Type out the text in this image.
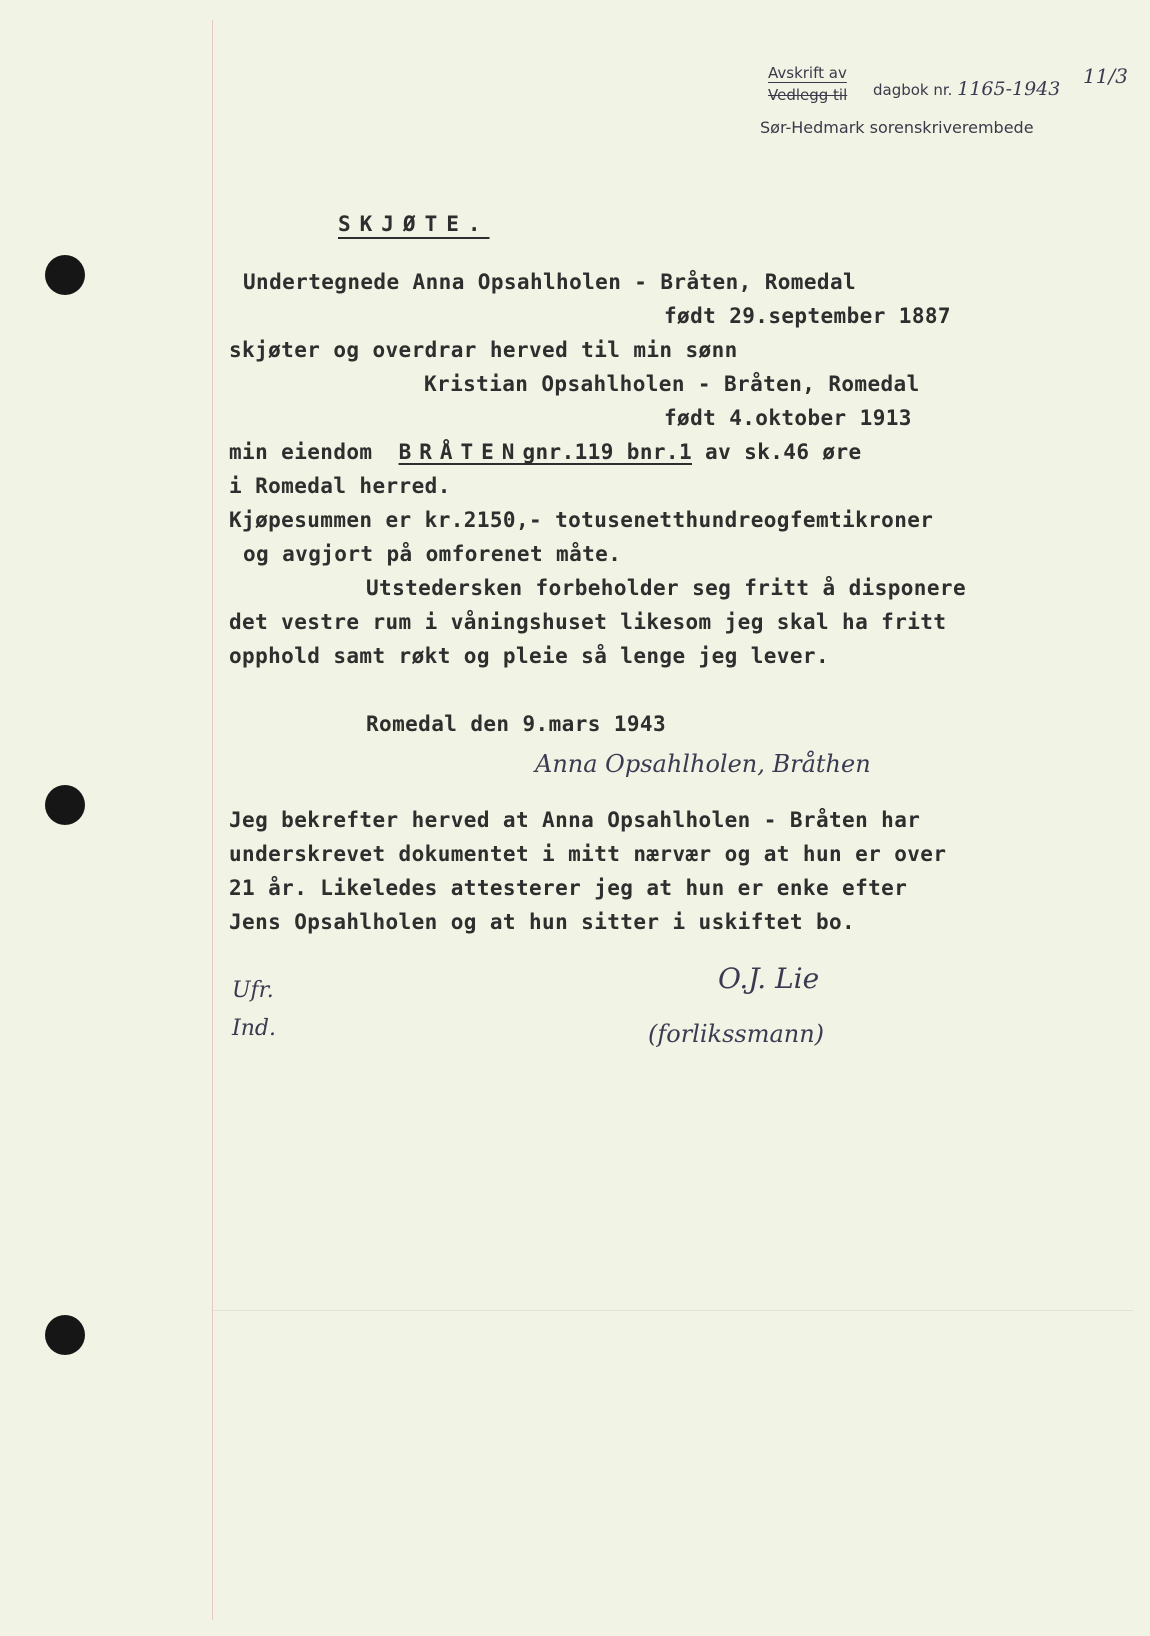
Avskrift av
Vedlegg til dagbok nr. 1165-1943
11/3
Sør-Hedmark sorenskriverembede
SKJØTE.
Undertegnede Anna Opsahlholen - Bråten, Romedal
født 29.september 1887
skjøter og overdrar herved til min sønn
Kristian Opsahlholen - Bråten, Romedal
født 4.oktober 1913
min eiendom BRÅTENgnr.119 bnr.1 av sk.46 øre
i Romedal herred.
Kjøpesummen er kr.2150,- totusenetthundreogfemtikroner
og avgjort på omforenet måte.
Utstedersken forbeholder seg fritt å disponere
det vestre rum i våningshuset likesom jeg skal ha fritt
opphold samt røkt og pleie så lenge jeg lever.
Romedal den 9.mars 1943
Anna Opsahlholen, Bråthen
Jeg bekrefter herved at Anna Opsahlholen - Bråten har
underskrevet dokumentet i mitt nærvær og at hun er over
21 år. Likeledes attesterer jeg at hun er enke efter
Jens Opsahlholen og at hun sitter i uskiftet bo.
O.J. Lie
(forlikssmann)
Ufr.
Ind.
